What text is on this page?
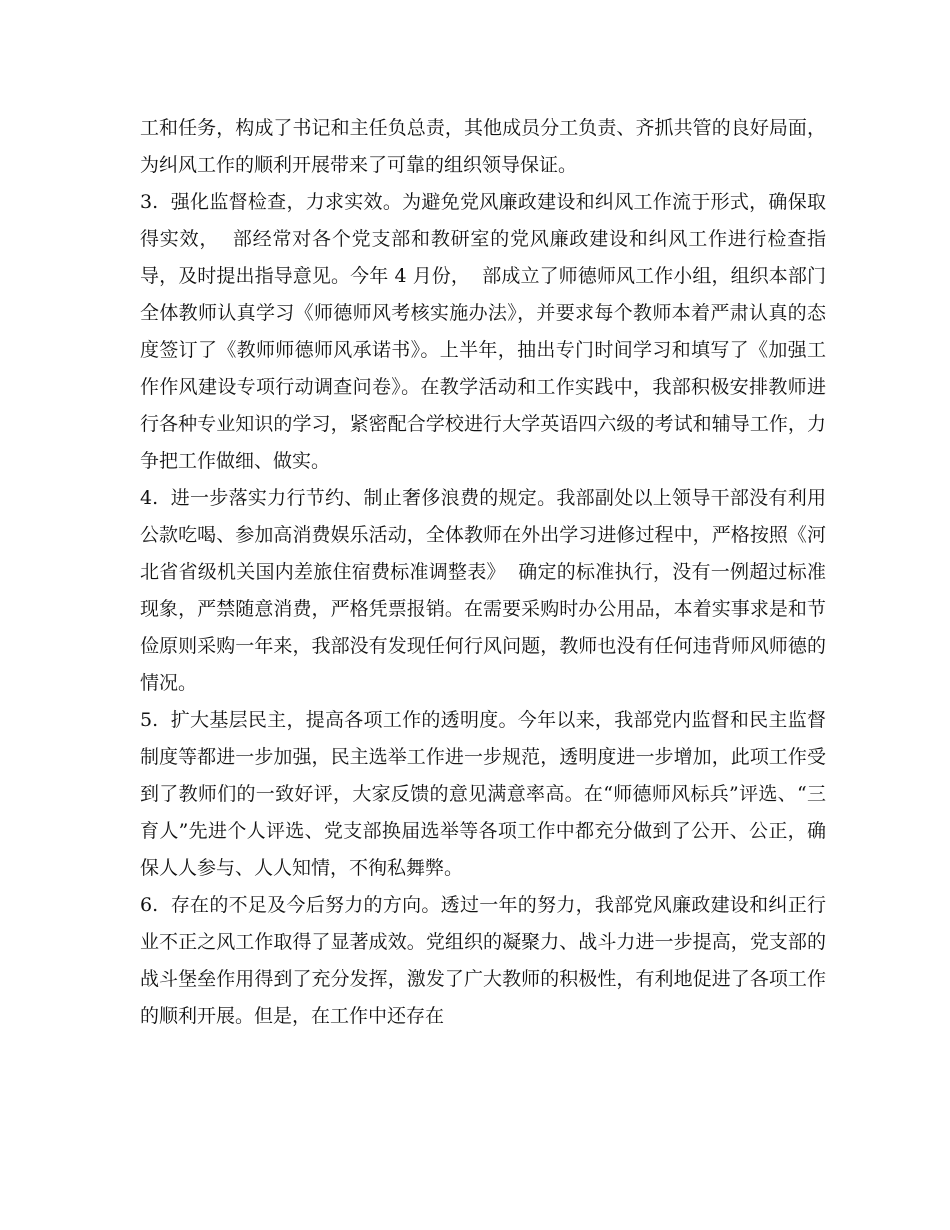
工和任务，构成了书记和主任负总责，其他成员分工负责、齐抓共管的良好局面，为纠风工作的顺利开展带来了可靠的组织领导保证。

3.  强化监督检查，力求实效。为避免党风廉政建设和纠风工作流于形式，确保取得实效，  部经常对各个党支部和教研室的党风廉政建设和纠风工作进行检查指导，及时提出指导意见。今年 4 月份，  部成立了师德师风工作小组，组织本部门全体教师认真学习《师德师风考核实施办法》，并要求每个教师本着严肃认真的态度签订了《教师师德师风承诺书》。上半年，抽出专门时间学习和填写了《加强工作作风建设专项行动调查问卷》。在教学活动和工作实践中，我部积极安排教师进行各种专业知识的学习，紧密配合学校进行大学英语四六级的考试和辅导工作，力争把工作做细、做实。

4.  进一步落实力行节约、制止奢侈浪费的规定。我部副处以上领导干部没有利用公款吃喝、参加高消费娱乐活动，全体教师在外出学习进修过程中，严格按照《河北省省级机关国内差旅住宿费标准调整表》  确定的标准执行，没有一例超过标准现象，严禁随意消费，严格凭票报销。在需要采购时办公用品，本着实事求是和节俭原则采购一年来，我部没有发现任何行风问题，教师也没有任何违背师风师德的情况。

5.  扩大基层民主，提高各项工作的透明度。今年以来，我部党内监督和民主监督制度等都进一步加强，民主选举工作进一步规范，透明度进一步增加，此项工作受到了教师们的一致好评，大家反馈的意见满意率高。在“师德师风标兵”评选、“三育人”先进个人评选、党支部换届选举等各项工作中都充分做到了公开、公正，确保人人参与、人人知情，不徇私舞弊。

6.  存在的不足及今后努力的方向。透过一年的努力，我部党风廉政建设和纠正行业不正之风工作取得了显著成效。党组织的凝聚力、战斗力进一步提高，党支部的战斗堡垒作用得到了充分发挥，激发了广大教师的积极性，有利地促进了各项工作的顺利开展。但是，在工作中还存在
